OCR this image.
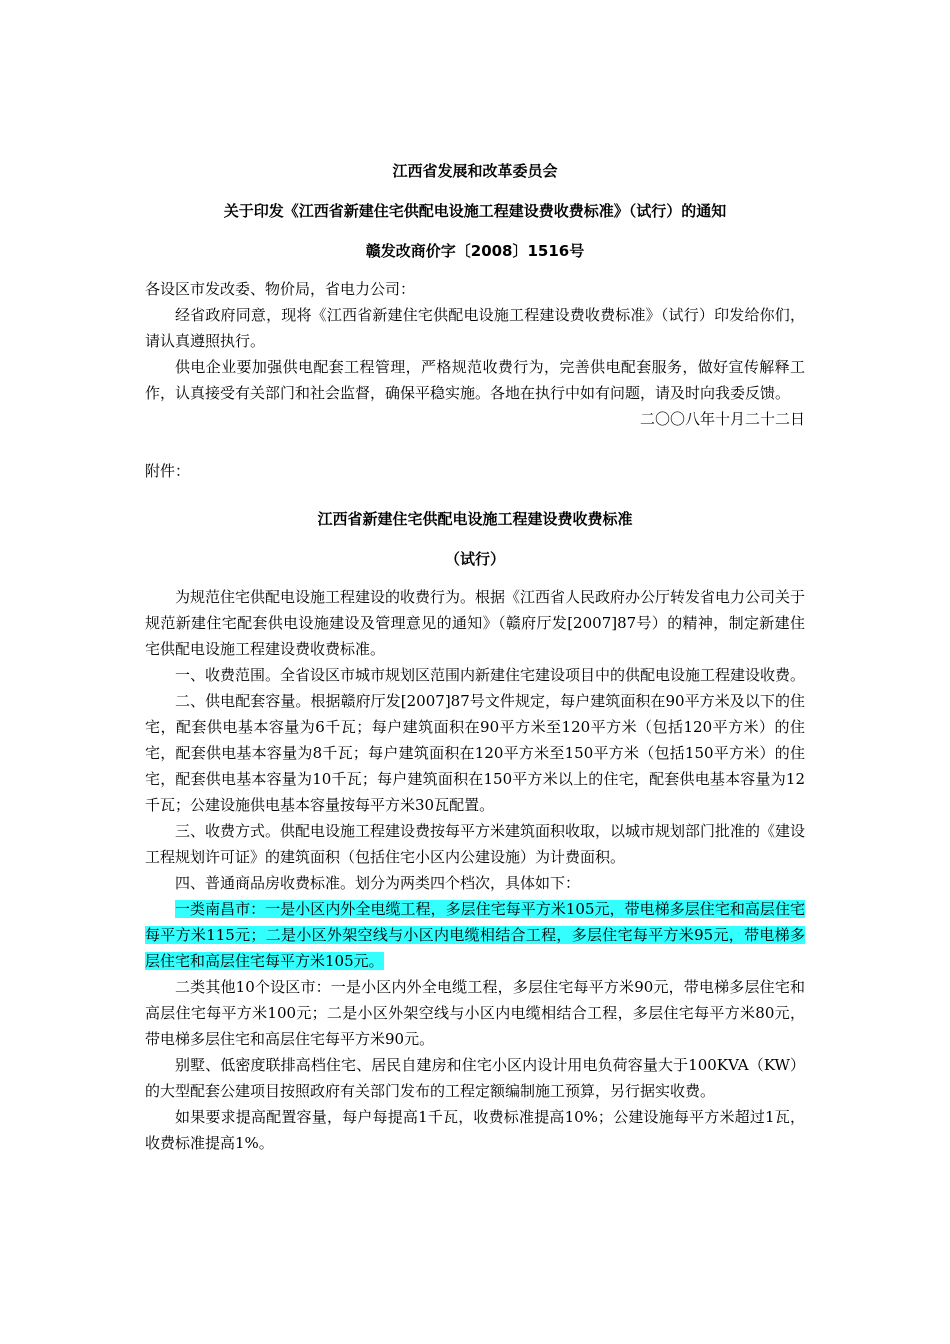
江西省发展和改革委员会

关于印发《江西省新建住宅供配电设施工程建设费收费标准》（试行）的通知

赣发改商价字〔2008〕1516号

各设区市发改委、物价局，省电力公司：

经省政府同意，现将《江西省新建住宅供配电设施工程建设费收费标准》（试行）印发给你们，请认真遵照执行。

供电企业要加强供电配套工程管理，严格规范收费行为，完善供电配套服务，做好宣传解释工作，认真接受有关部门和社会监督，确保平稳实施。各地在执行中如有问题，请及时向我委反馈。

二〇〇八年十月二十二日

附件：

江西省新建住宅供配电设施工程建设费收费标准

（试行）

为规范住宅供配电设施工程建设的收费行为。根据《江西省人民政府办公厅转发省电力公司关于规范新建住宅配套供电设施建设及管理意见的通知》（赣府厅发[2007]87号）的精神，制定新建住宅供配电设施工程建设费收费标准。

一、收费范围。全省设区市城市规划区范围内新建住宅建设项目中的供配电设施工程建设收费。

二、供电配套容量。根据赣府厅发[2007]87号文件规定，每户建筑面积在90平方米及以下的住宅，配套供电基本容量为6千瓦；每户建筑面积在90平方米至120平方米（包括120平方米）的住宅，配套供电基本容量为8千瓦；每户建筑面积在120平方米至150平方米（包括150平方米）的住宅，配套供电基本容量为10千瓦；每户建筑面积在150平方米以上的住宅，配套供电基本容量为12千瓦；公建设施供电基本容量按每平方米30瓦配置。

三、收费方式。供配电设施工程建设费按每平方米建筑面积收取，以城市规划部门批准的《建设工程规划许可证》的建筑面积（包括住宅小区内公建设施）为计费面积。

四、普通商品房收费标准。划分为两类四个档次，具体如下：

一类南昌市：一是小区内外全电缆工程，多层住宅每平方米105元，带电梯多层住宅和高层住宅每平方米115元；二是小区外架空线与小区内电缆相结合工程，多层住宅每平方米95元，带电梯多层住宅和高层住宅每平方米105元。

二类其他10个设区市：一是小区内外全电缆工程，多层住宅每平方米90元，带电梯多层住宅和高层住宅每平方米100元；二是小区外架空线与小区内电缆相结合工程，多层住宅每平方米80元，带电梯多层住宅和高层住宅每平方米90元。

别墅、低密度联排高档住宅、居民自建房和住宅小区内设计用电负荷容量大于100KVA（KW）的大型配套公建项目按照政府有关部门发布的工程定额编制施工预算，另行据实收费。

如果要求提高配置容量，每户每提高1千瓦，收费标准提高10%；公建设施每平方米超过1瓦，收费标准提高1%。
